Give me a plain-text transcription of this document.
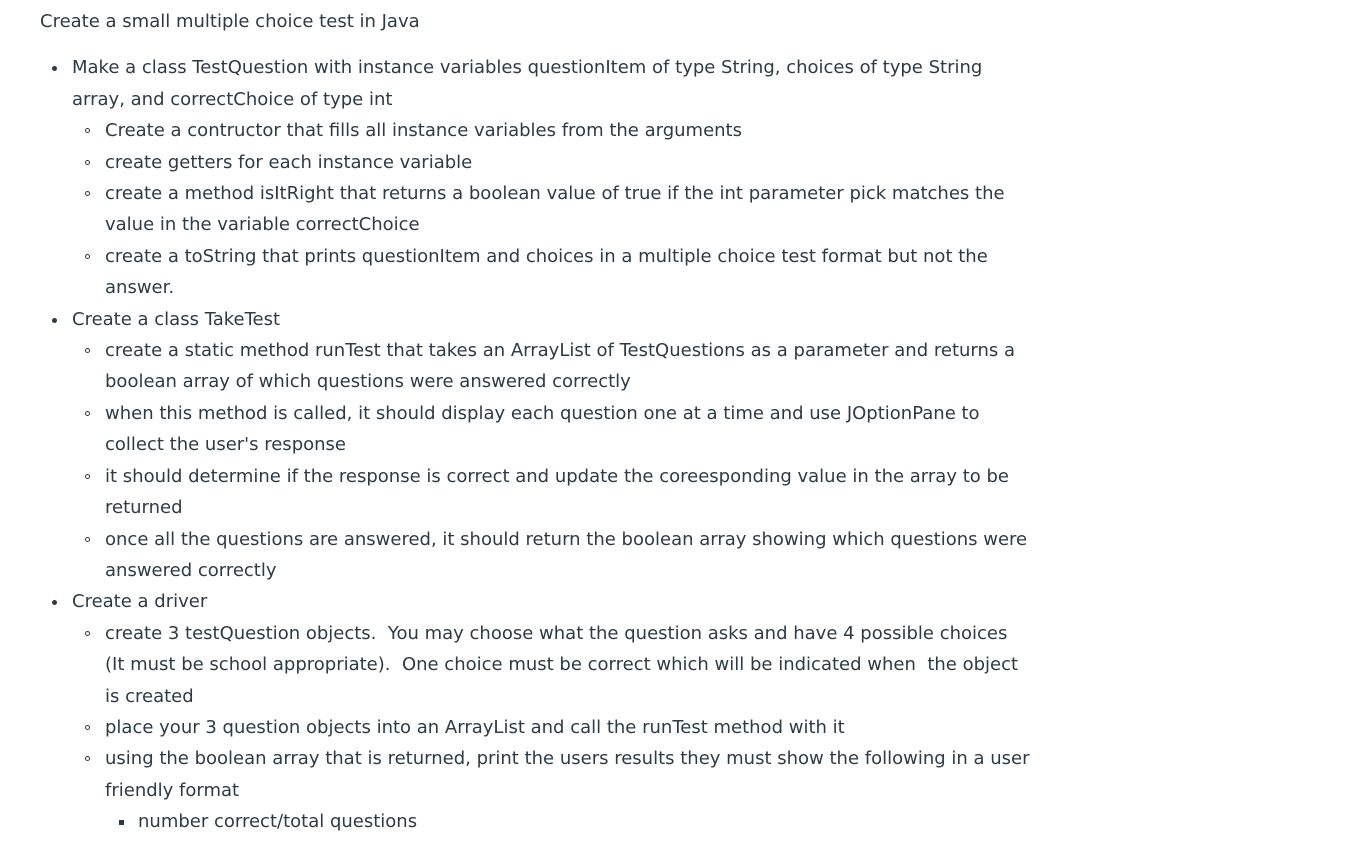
Create a small multiple choice test in Java

Make a class TestQuestion with instance variables questionItem of type String, choices of type String array, and correctChoice of type int
Create a contructor that fills all instance variables from the arguments
create getters for each instance variable
create a method isItRight that returns a boolean value of true if the int parameter pick matches the value in the variable correctChoice
create a toString that prints questionItem and choices in a multiple choice test format but not the answer.
Create a class TakeTest
create a static method runTest that takes an ArrayList of TestQuestions as a parameter and returns a boolean array of which questions were answered correctly
when this method is called, it should display each question one at a time and use JOptionPane to collect the user's response
it should determine if the response is correct and update the coreesponding value in the array to be returned
once all the questions are answered, it should return the boolean array showing which questions were answered correctly
Create a driver
create 3 testQuestion objects.  You may choose what the question asks and have 4 possible choices (It must be school appropriate).  One choice must be correct which will be indicated when  the object is created
place your 3 question objects into an ArrayList and call the runTest method with it
using the boolean array that is returned, print the users results they must show the following in a user friendly format
number correct/total questions
